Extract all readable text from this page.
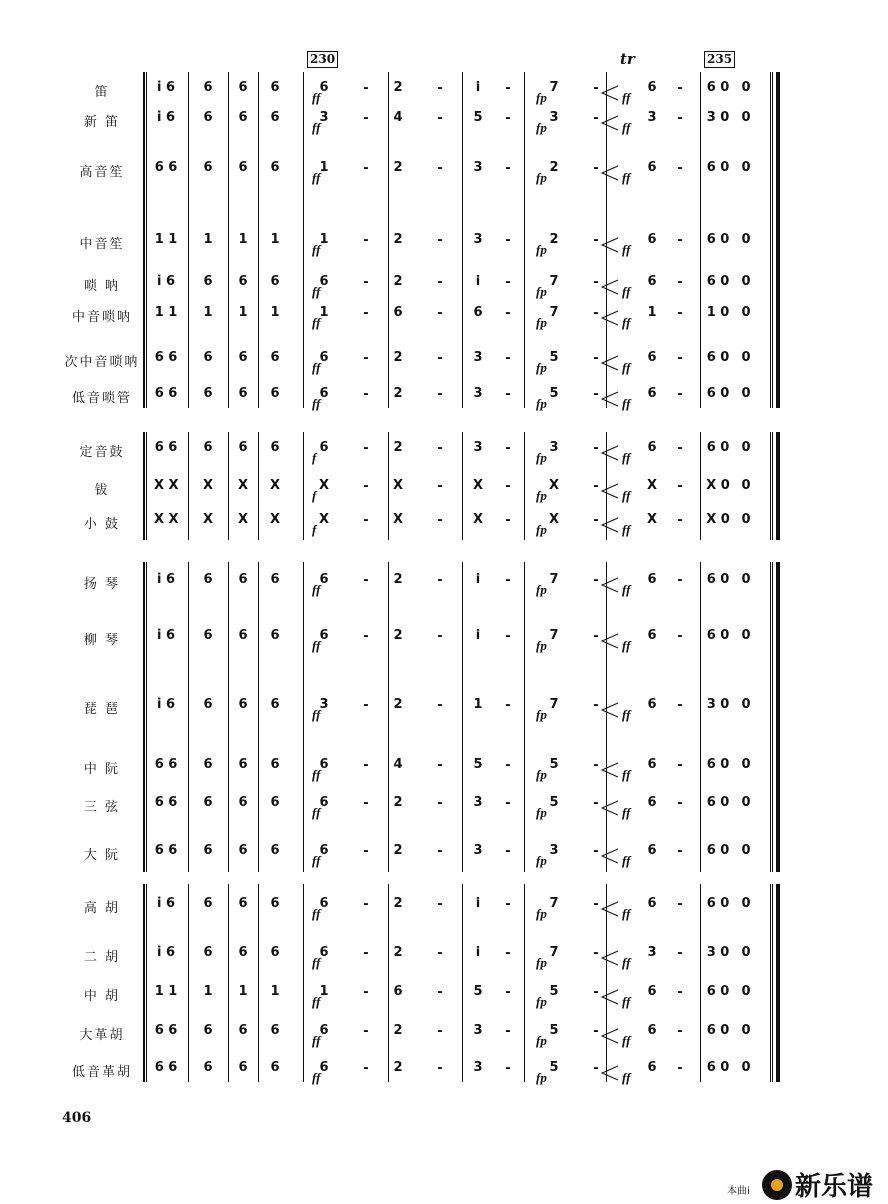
230	235
tr
406
本曲i 新乐谱
笛	i̇ 6	6	6	6	6	-	2	-	i	-	7	-	6	-	6 0 0
ff	fp	ff
新 笛	i̇ 6	6	6	6	3	-	4	-	5	-	3	-	3	-	3 0 0
ff	fp	ff
高音笙	6 6	6	6	6	1	-	2	-	3	-	2	-	6	-	6 0 0
ff	fp	ff
中音笙	1 1	1	1	1	1	-	2	-	3	-	2	-	6	-	6 0 0
ff	fp	ff
唢 呐	i̇ 6	6	6	6	6	-	2	-	i	-	7	-	6	-	6 0 0
ff	fp	ff
中音唢呐	1 1	1	1	1	1	-	6	-	6	-	7	-	1	-	1 0 0
ff	fp	ff
次中音唢呐	6 6	6	6	6	6	-	2	-	3	-	5	-	6	-	6 0 0
ff	fp	ff
低音唢管	6 6	6	6	6	6	-	2	-	3	-	5	-	6	-	6 0 0
ff	fp	ff
定音鼓	6 6	6	6	6	6	-	2	-	3	-	3	-	6	-	6 0 0
f	fp	ff
钹	X X	X	X	X	X	-	X	-	X	-	X	-	X	-	X 0 0
f	fp	ff
小 鼓	X X	X	X	X	X	-	X	-	X	-	X	-	X	-	X 0 0
f	fp	ff
扬 琴	i̇ 6	6	6	6	6	-	2	-	i	-	7	-	6	-	6 0 0
ff	fp	ff
柳 琴	i̇ 6	6	6	6	6	-	2	-	i	-	7	-	6	-	6 0 0
ff	fp	ff
琵 琶	i̇ 6	6	6	6	3	-	2	-	1	-	7	-	6	-	3 0 0
ff	fp	ff
中 阮	6 6	6	6	6	6	-	4	-	5	-	5	-	6	-	6 0 0
ff	fp	ff
三 弦	6 6	6	6	6	6	-	2	-	3	-	5	-	6	-	6 0 0
ff	fp	ff
大 阮	6 6	6	6	6	6	-	2	-	3	-	3	-	6	-	6 0 0
ff	fp	ff
高 胡	i̇ 6	6	6	6	6	-	2	-	i	-	7	-	6	-	6 0 0
ff	fp	ff
二 胡	i̇ 6	6	6	6	6	-	2	-	i	-	7	-	3	-	3 0 0
ff	fp	ff
中 胡	1 1	1	1	1	1	-	6	-	5	-	5	-	6	-	6 0 0
ff	fp	ff
大革胡	6 6	6	6	6	6	-	2	-	3	-	5	-	6	-	6 0 0
ff	fp	ff
低音革胡	6 6	6	6	6	6	-	2	-	3	-	5	-	6	-	6 0 0
ff	fp	ff
